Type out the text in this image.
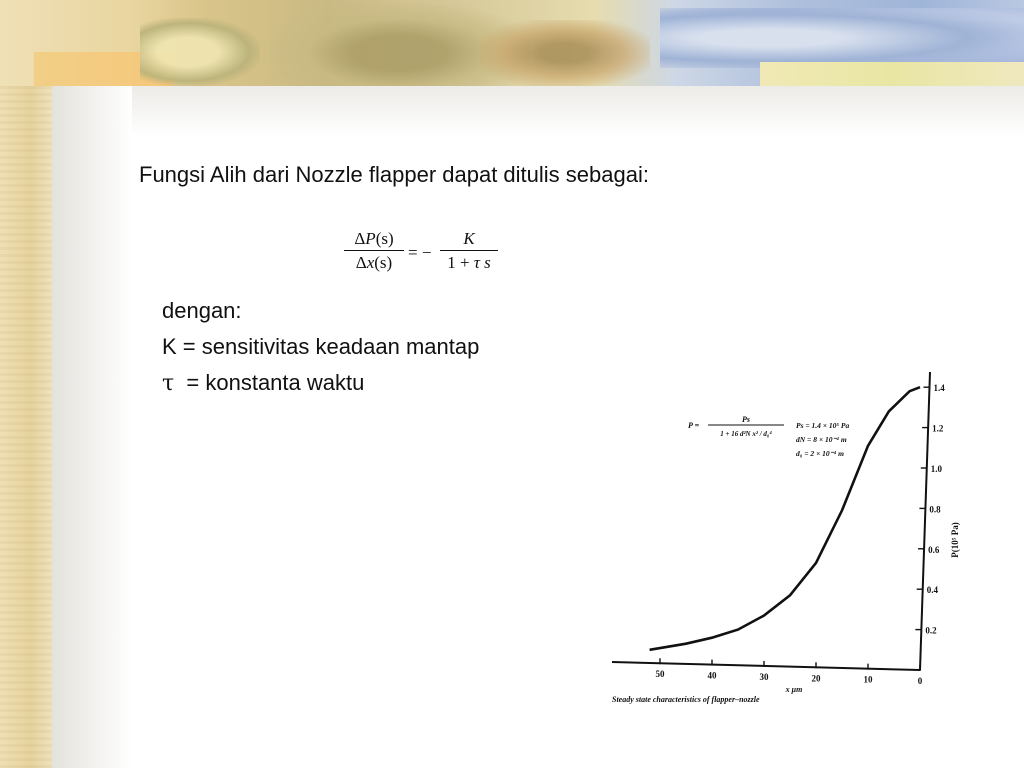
Fungsi Alih dari Nozzle flapper dapat ditulis sebagai:
ΔP(s)
Δx(s)
= −
K
1 + τ s
dengan:
K = sensitivitas keadaan mantap
τ = konstanta waktu
50	40	30	20	10	0
0.2
0.4
0.6
0.8
1.0
1.2
1.4
x μm
P(10⁵ Pa)
Steady state characteristics of flapper–nozzle
P =
Ps
1 + 16 d²N x² / d₀⁴
Ps = 1.4 × 10⁵ Pa
dN = 8 × 10⁻⁴ m
d₀ = 2 × 10⁻⁴ m
